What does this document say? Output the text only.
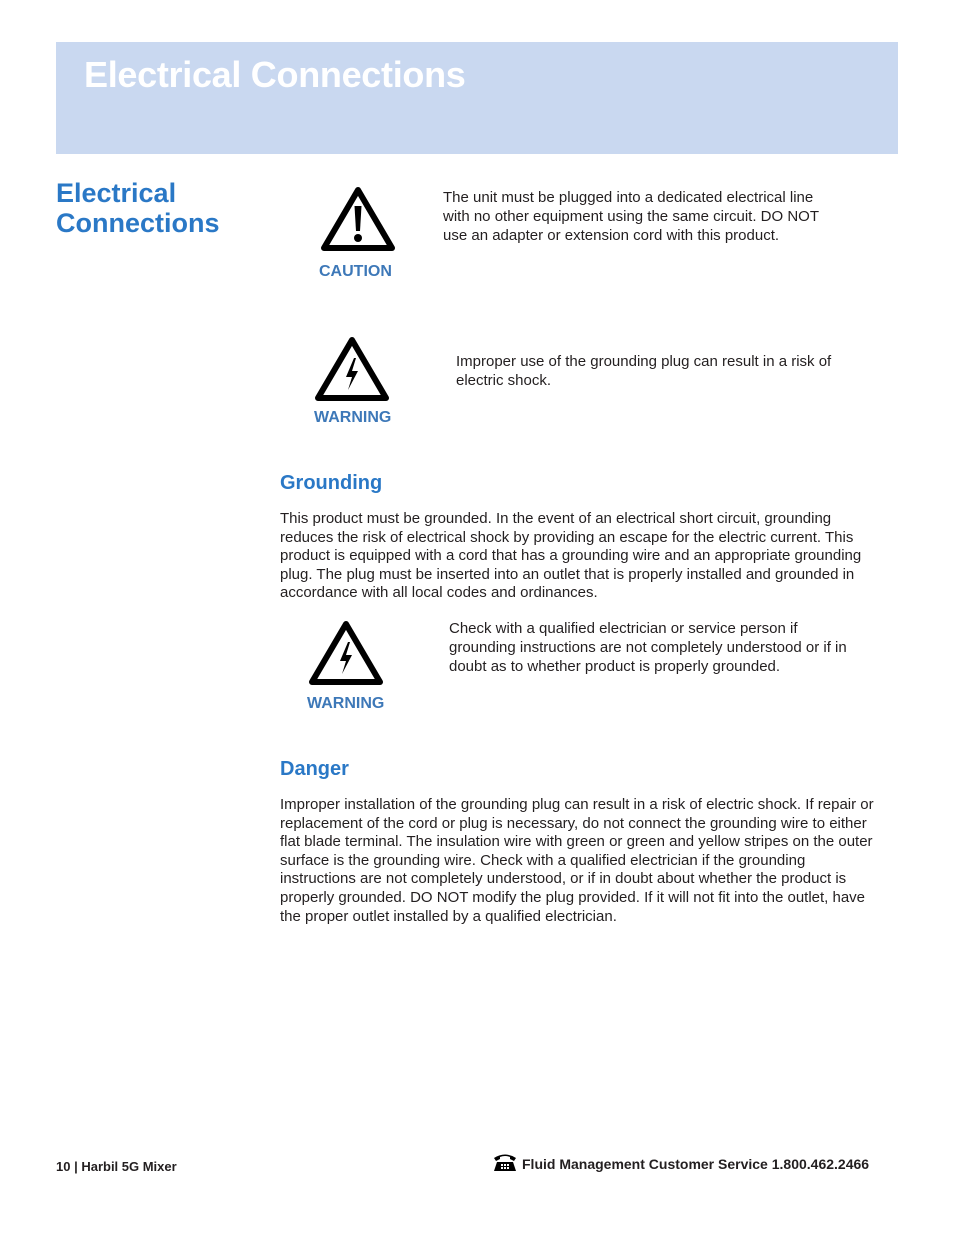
Electrical Connections
Electrical Connections
CAUTION

The unit must be plugged into a dedicated electrical line with no other equipment using the same circuit. DO NOT use an adapter or extension cord with this product.

WARNING

Improper use of the grounding plug can result in a risk of electric shock.

Grounding

This product must be grounded. In the event of an electrical short circuit, grounding reduces the risk of electrical shock by providing an escape for the electric current. This product is equipped with a cord that has a grounding wire and an appropriate grounding plug. The plug must be inserted into an outlet that is properly installed and grounded in accordance with all local codes and ordinances.

WARNING

Check with a qualified electrician or service person if grounding instructions are not completely understood or if in doubt as to whether product is properly grounded.

Danger

Improper installation of the grounding plug can result in a risk of electric shock. If repair or replacement of the cord or plug is necessary, do not connect the grounding wire to either flat blade terminal. The insulation wire with green or green and yellow stripes on the outer surface is the grounding wire. Check with a qualified electrician if the grounding instructions are not completely understood, or if in doubt about whether the product is properly grounded. DO NOT modify the plug provided. If it will not fit into the outlet, have the proper outlet installed by a qualified electrician.

10 | Harbil 5G Mixer	Fluid Management Customer Service 1.800.462.2466
